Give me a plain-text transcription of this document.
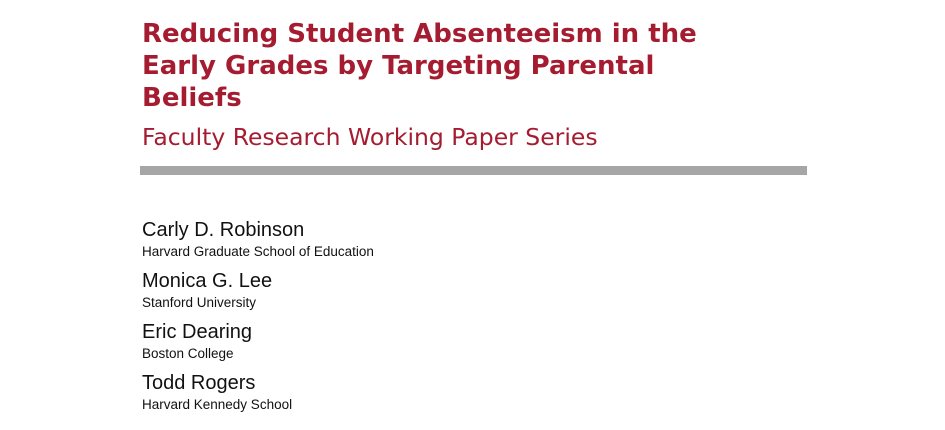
Reducing Student Absenteeism in the
Early Grades by Targeting Parental
Beliefs
Faculty Research Working Paper Series
Carly D. Robinson
Harvard Graduate School of Education
Monica G. Lee
Stanford University
Eric Dearing
Boston College
Todd Rogers
Harvard Kennedy School
